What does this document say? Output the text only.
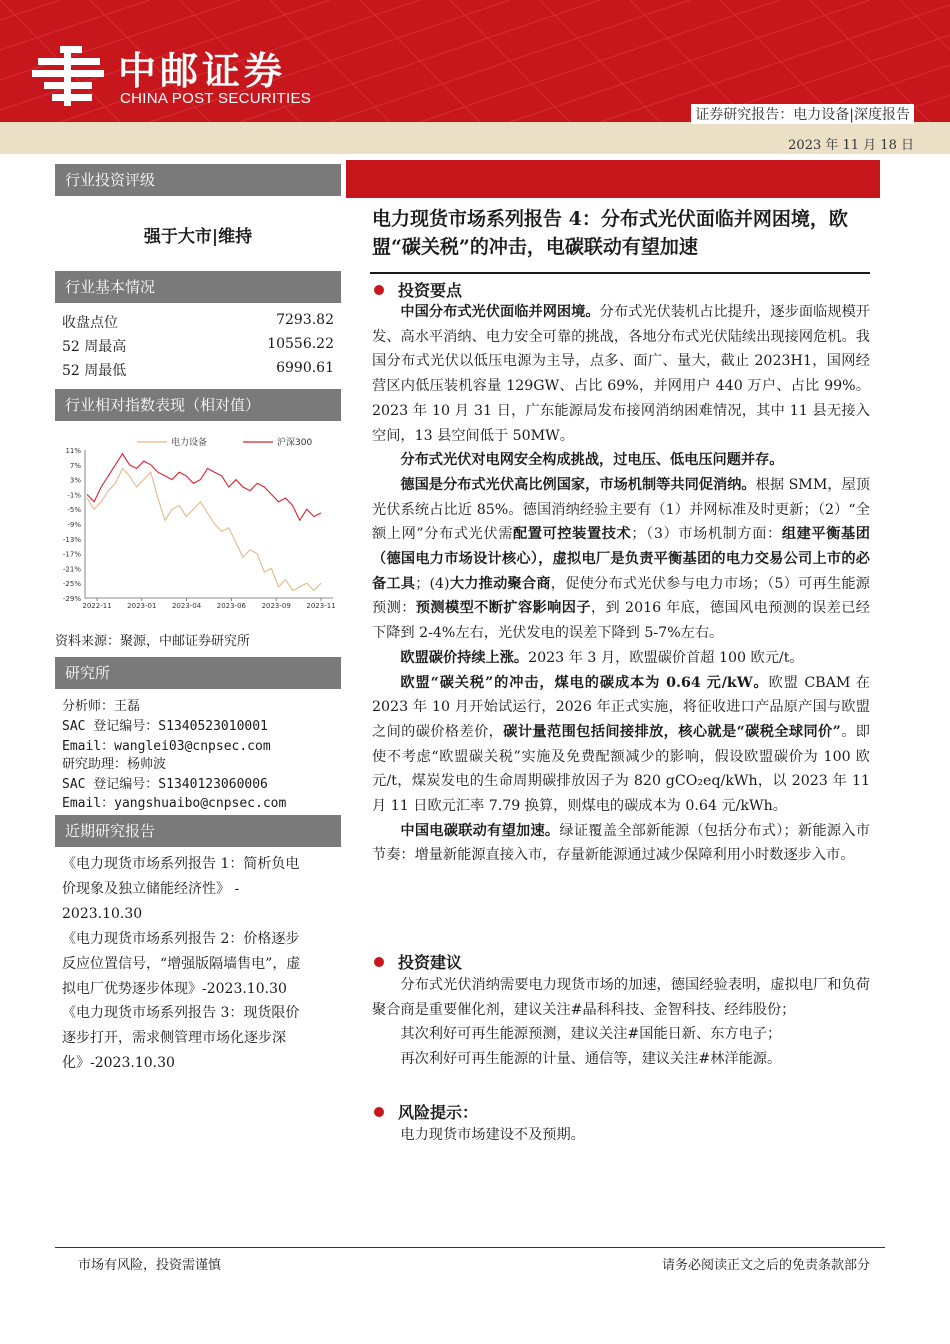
中邮证券
CHINA POST SECURITIES
证券研究报告：电力设备|深度报告
2023 年 11 月 18 日
行业投资评级
强于大市|维持
行业基本情况
收盘点位	7293.82
52 周最高	10556.22
52 周最低	6990.61
行业相对指数表现（相对值）
电力设备	沪深300
11%
7%
3%
-1%
-5%
-9%
-13%
-17%
-21%
-25%
-29%
2022-11 2023-01 2023-04 2023-06 2023-09 2023-11
资料来源：聚源，中邮证券研究所
研究所
分析师：王磊
SAC 登记编号：S1340523010001
Email：wanglei03@cnpsec.com
研究助理：杨帅波
SAC 登记编号：S1340123060006
Email：yangshuaibo@cnpsec.com
近期研究报告
《电力现货市场系列报告 1：简析负电
价现象及独立储能经济性》 -
2023.10.30
《电力现货市场系列报告 2：价格逐步
反应位置信号，“增强版隔墙售电”，虚
拟电厂优势逐步体现》-2023.10.30
《电力现货市场系列报告 3：现货限价
逐步打开，需求侧管理市场化逐步深
化》-2023.10.30
电力现货市场系列报告 4：分布式光伏面临并网困境，欧盟“碳关税”的冲击，电碳联动有望加速
投资要点

中国分布式光伏面临并网困境。分布式光伏装机占比提升，逐步面临规模开发、高水平消纳、电力安全可靠的挑战，各地分布式光伏陆续出现接网危机。我国分布式光伏以低压电源为主导，点多、面广、量大，截止 2023H1，国网经营区内低压装机容量 129GW、占比 69%，并网用户 440 万户、占比 99%。2023 年 10 月 31 日，广东能源局发布接网消纳困难情况，其中 11 县无接入空间，13 县空间低于 50MW。

分布式光伏对电网安全构成挑战，过电压、低电压问题并存。

德国是分布式光伏高比例国家，市场机制等共同促消纳。根据 SMM，屋顶光伏系统占比近 85%。德国消纳经验主要有（1）并网标准及时更新；（2）“全额上网”分布式光伏需配置可控装置技术；（3）市场机制方面：组建平衡基团（德国电力市场设计核心），虚拟电厂是负责平衡基团的电力交易公司上市的必备工具；(4)大力推动聚合商，促使分布式光伏参与电力市场；（5）可再生能源预测：预测模型不断扩容影响因子，到 2016 年底，德国风电预测的误差已经下降到 2-4%左右，光伏发电的误差下降到 5-7%左右。

欧盟碳价持续上涨。2023 年 3 月，欧盟碳价首超 100 欧元/t。

欧盟“碳关税”的冲击，煤电的碳成本为 0.64 元/kW。欧盟 CBAM 在 2023 年 10 月开始试运行，2026 年正式实施，将征收进口产品原产国与欧盟之间的碳价格差价，碳计量范围包括间接排放，核心就是“碳税全球同价”。即使不考虑“欧盟碳关税”实施及免费配额减少的影响，假设欧盟碳价为 100 欧元/t，煤炭发电的生命周期碳排放因子为 820 gCO₂eq/kWh，以 2023 年 11 月 11 日欧元汇率 7.79 换算，则煤电的碳成本为 0.64 元/kWh。

中国电碳联动有望加速。绿证覆盖全部新能源（包括分布式）；新能源入市节奏：增量新能源直接入市，存量新能源通过减少保障利用小时数逐步入市。

投资建议

分布式光伏消纳需要电力现货市场的加速，德国经验表明，虚拟电厂和负荷聚合商是重要催化剂，建议关注#晶科科技、金智科技、经纬股份；

其次利好可再生能源预测，建议关注#国能日新、东方电子；

再次利好可再生能源的计量、通信等，建议关注#林洋能源。

风险提示：

电力现货市场建设不及预期。

市场有风险，投资需谨慎	请务必阅读正文之后的免责条款部分
